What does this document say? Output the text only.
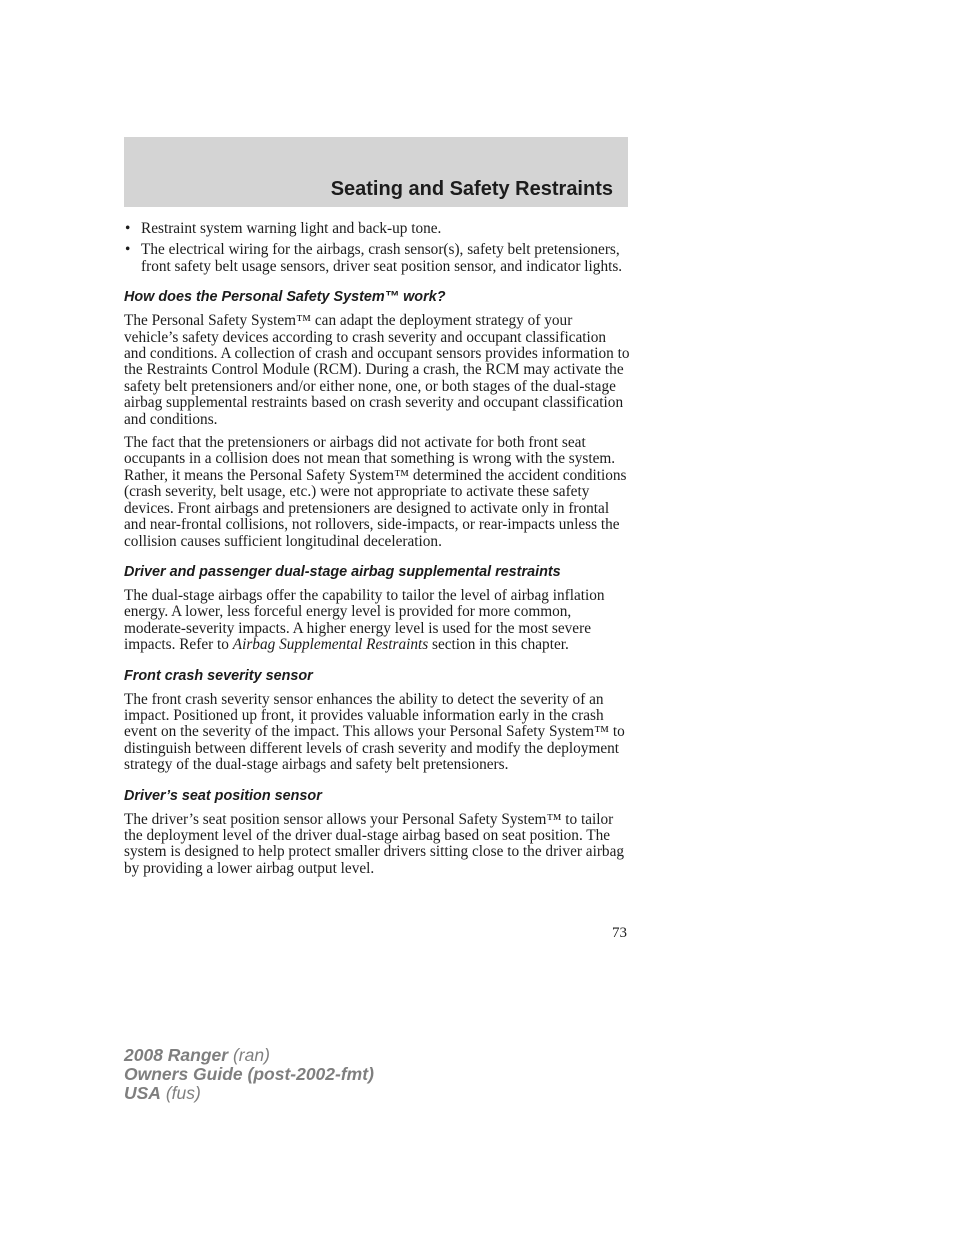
Seating and Safety Restraints
• Restraint system warning light and back-up tone.
• The electrical wiring for the airbags, crash sensor(s), safety belt pretensioners, front safety belt usage sensors, driver seat position sensor, and indicator lights.
How does the Personal Safety System™ work?

The Personal Safety System™ can adapt the deployment strategy of your vehicle’s safety devices according to crash severity and occupant classification and conditions. A collection of crash and occupant sensors provides information to the Restraints Control Module (RCM). During a crash, the RCM may activate the safety belt pretensioners and/or either none, one, or both stages of the dual-stage airbag supplemental restraints based on crash severity and occupant classification and conditions.

The fact that the pretensioners or airbags did not activate for both front seat occupants in a collision does not mean that something is wrong with the system. Rather, it means the Personal Safety System™ determined the accident conditions (crash severity, belt usage, etc.) were not appropriate to activate these safety devices. Front airbags and pretensioners are designed to activate only in frontal and near-frontal collisions, not rollovers, side-impacts, or rear-impacts unless the collision causes sufficient longitudinal deceleration.

Driver and passenger dual-stage airbag supplemental restraints

The dual-stage airbags offer the capability to tailor the level of airbag inflation energy. A lower, less forceful energy level is provided for more common, moderate-severity impacts. A higher energy level is used for the most severe impacts. Refer to Airbag Supplemental Restraints section in this chapter.

Front crash severity sensor

The front crash severity sensor enhances the ability to detect the severity of an impact. Positioned up front, it provides valuable information early in the crash event on the severity of the impact. This allows your Personal Safety System™ to distinguish between different levels of crash severity and modify the deployment strategy of the dual-stage airbags and safety belt pretensioners.

Driver’s seat position sensor

The driver’s seat position sensor allows your Personal Safety System™ to tailor the deployment level of the driver dual-stage airbag based on seat position. The system is designed to help protect smaller drivers sitting close to the driver airbag by providing a lower airbag output level.

73

2008 Ranger (ran)
Owners Guide (post-2002-fmt)
USA (fus)
